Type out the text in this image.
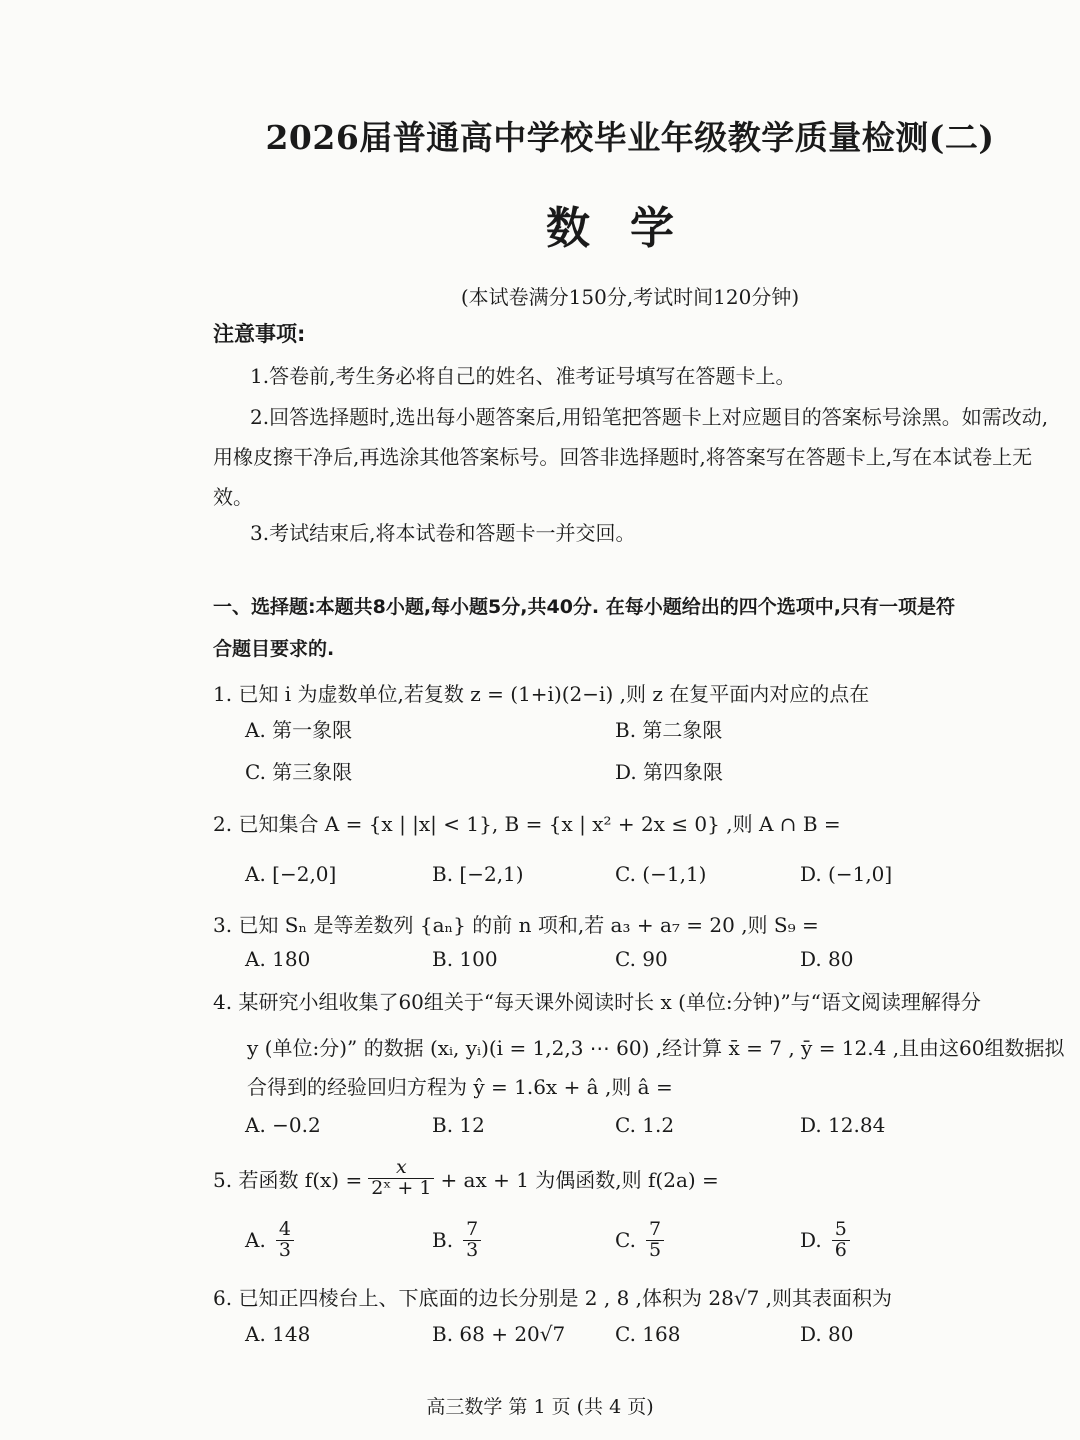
2026届普通高中学校毕业年级教学质量检测(二)
数学
(本试卷满分150分,考试时间120分钟)
注意事项:
1.答卷前,考生务必将自己的姓名、准考证号填写在答题卡上。
2.回答选择题时,选出每小题答案后,用铅笔把答题卡上对应题目的答案标号涂黑。如需改动,用橡皮擦干净后,再选涂其他答案标号。回答非选择题时,将答案写在答题卡上,写在本试卷上无效。
3.考试结束后,将本试卷和答题卡一并交回。
一、选择题:本题共8小题,每小题5分,共40分. 在每小题给出的四个选项中,只有一项是符
合题目要求的.
1. 已知 i 为虚数单位,若复数 z = (1+i)(2−i) ,则 z 在复平面内对应的点在
A. 第一象限	B. 第二象限
C. 第三象限	D. 第四象限
2. 已知集合 A = {x | |x| < 1}, B = {x | x² + 2x ≤ 0} ,则 A ∩ B =
A. [−2,0]	B. [−2,1)	C. (−1,1)	D. (−1,0]
3. 已知 Sₙ 是等差数列 {aₙ} 的前 n 项和,若 a₃ + a₇ = 20 ,则 S₉ =
A. 180	B. 100	C. 90	D. 80
4. 某研究小组收集了60组关于“每天课外阅读时长 x (单位:分钟)”与“语文阅读理解得分
y (单位:分)” 的数据 (xᵢ, yᵢ)(i = 1,2,3 ⋯ 60) ,经计算 x̄ = 7 , ȳ = 12.4 ,且由这60组数据拟
合得到的经验回归方程为 ŷ = 1.6x + â ,则 â =
A. −0.2	B. 12	C. 1.2	D. 12.84
5. 若函数 $f(x) = \frac{x}{\text{2ˣ + 1}}$ + ax + 1 为偶函数,则 f(2a) =
A. $\frac{4}{3}$	B. $\frac{7}{3}$	C. $\frac{7}{5}$	D. $\frac{5}{6}$
6. 已知正四棱台上、下底面的边长分别是 2 , 8 ,体积为 28√7 ,则其表面积为
A. 148	B. 68 + 20√7 C. 168	D. 80
高三数学 第 1 页 (共 4 页)
